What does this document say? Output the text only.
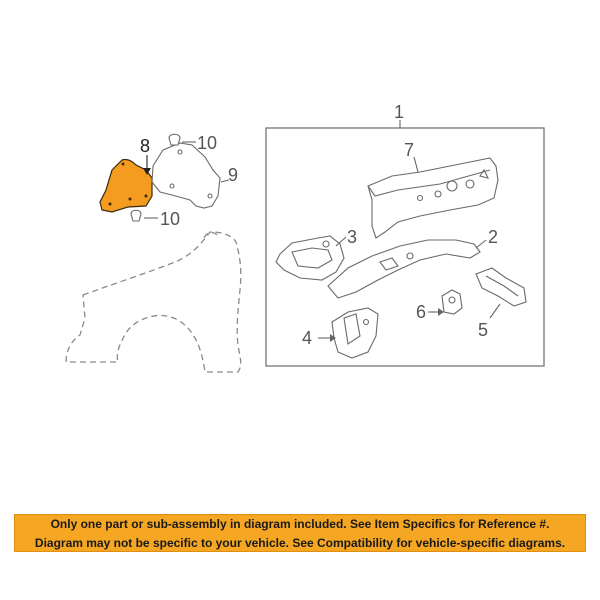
8
9
10
10
1
7
3	2
4
6
5
Only one part or sub-assembly in diagram included. See Item Specifics for Reference #.
Diagram may not be specific to your vehicle. See Compatibility for vehicle-specific diagrams.
